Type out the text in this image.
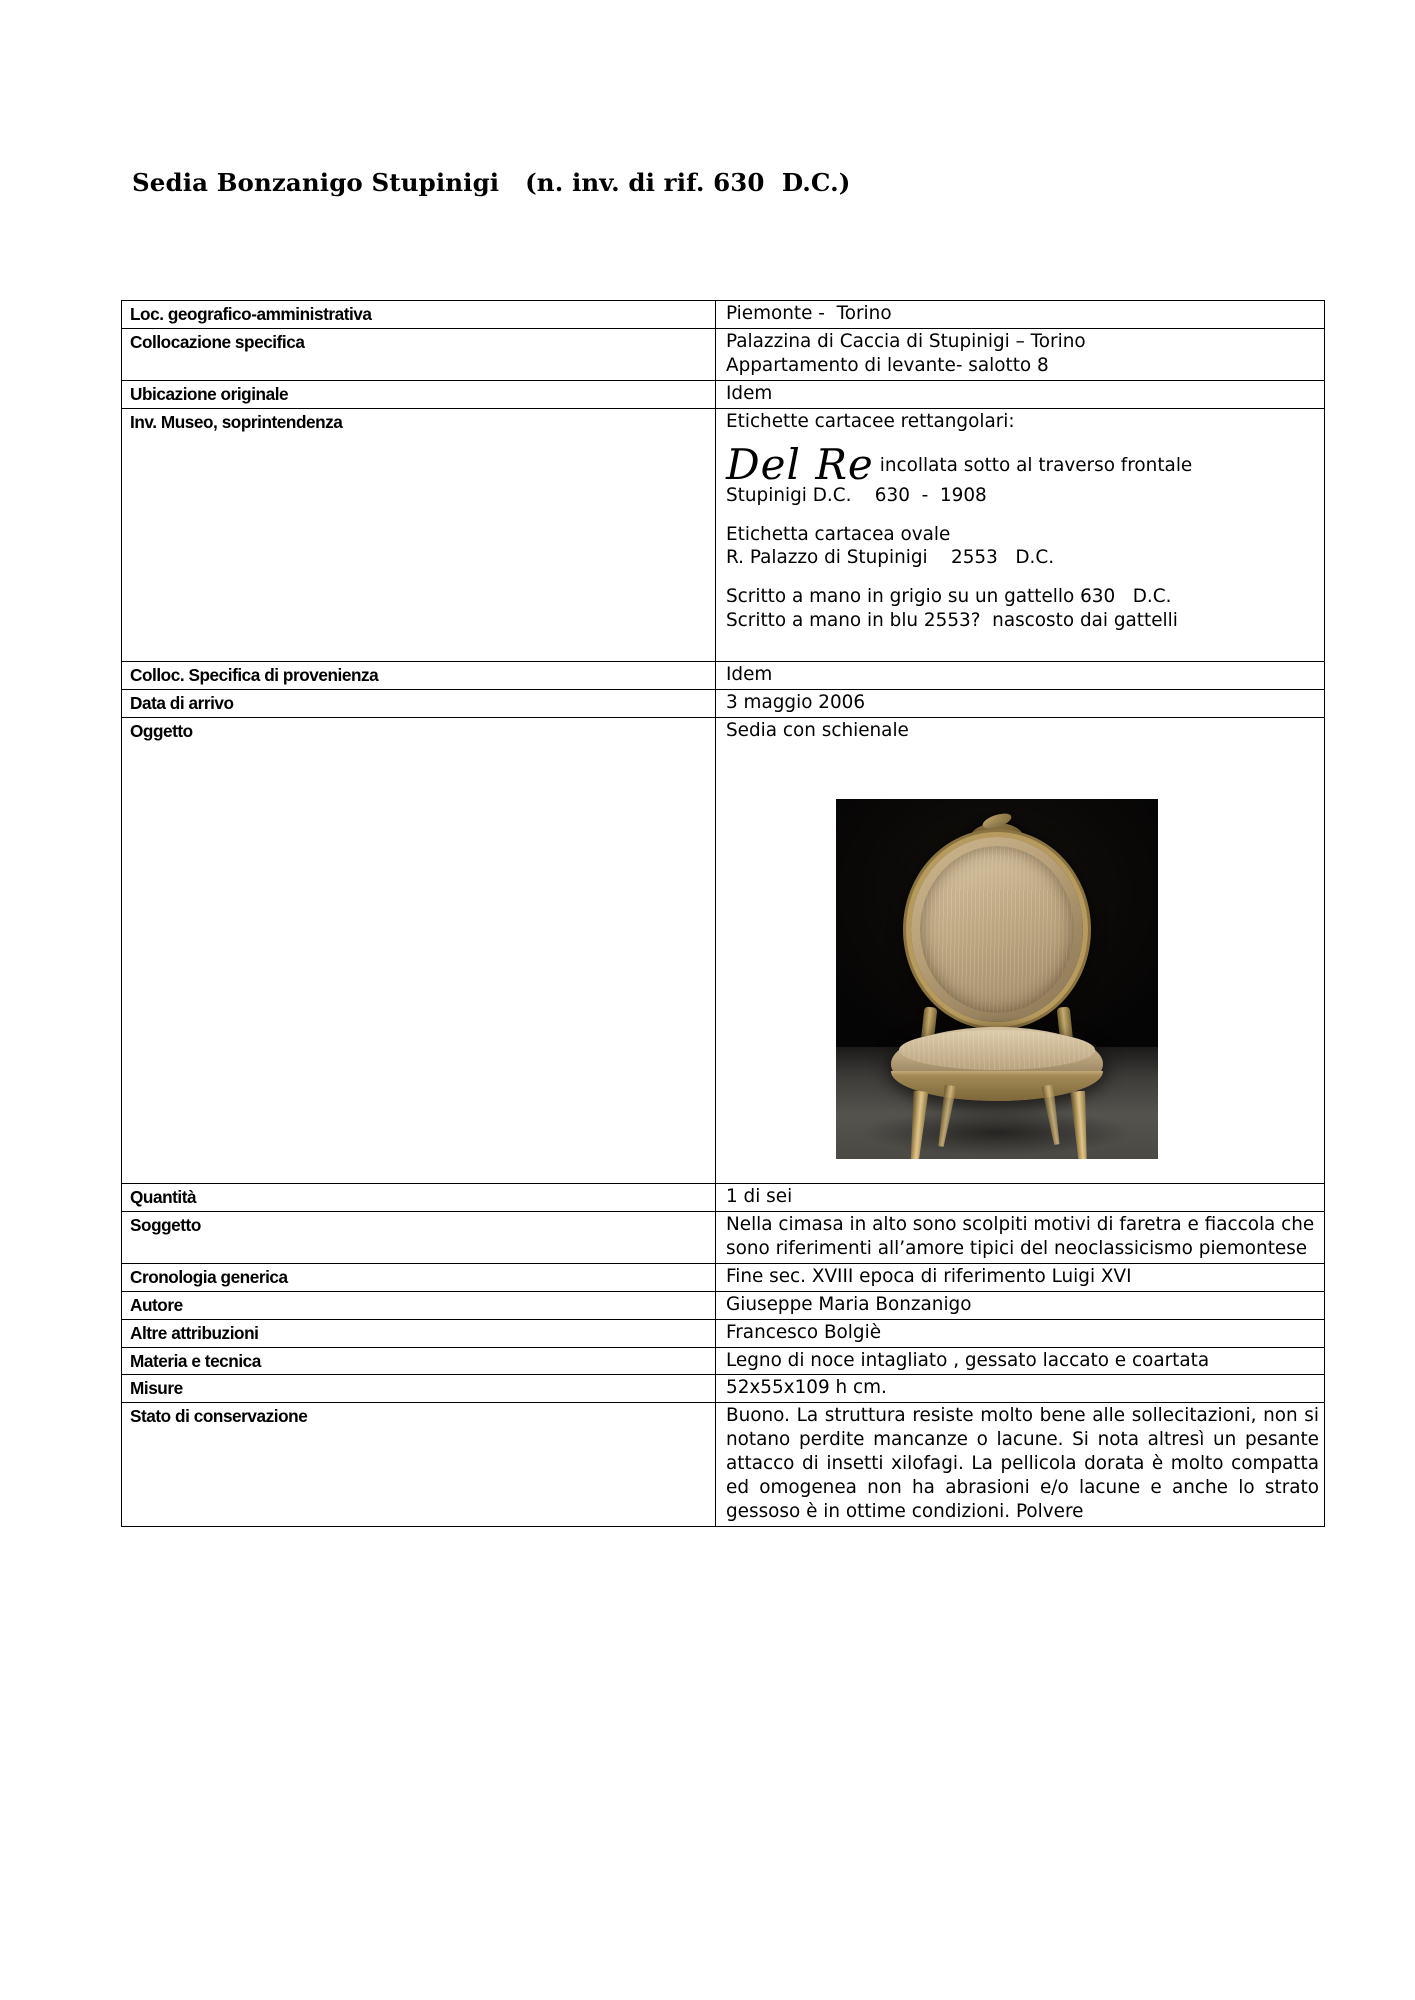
Sedia Bonzanigo Stupinigi   (n. inv. di rif. 630  D.C.)
Loc. geografico-amministrativa	Piemonte -  Torino

Collocazione specifica	Palazzina di Caccia di Stupinigi – Torino
Appartamento di levante- salotto 8

Ubicazione originale	Idem

Inv. Museo, soprintendenza	Etichette cartacee rettangolari:
Del Re incollata sotto al traverso frontale
Stupinigi D.C.    630  -  1908
Etichetta cartacea ovale
R. Palazzo di Stupinigi    2553   D.C.
Scritto a mano in grigio su un gattello 630   D.C.
Scritto a mano in blu 2553?  nascosto dai gattelli

Colloc. Specifica di provenienza	Idem

Data di arrivo	3 maggio 2006

Oggetto	Sedia con schienale

Quantità	1 di sei

Soggetto	Nella cimasa in alto sono scolpiti motivi di faretra e fiaccola che sono riferimenti all’amore tipici del neoclassicismo piemontese
Cronologia generica	Fine sec. XVIII epoca di riferimento Luigi XVI

Autore	Giuseppe Maria Bonzanigo

Altre attribuzioni	Francesco Bolgiè

Materia e tecnica	Legno di noce intagliato , gessato laccato e coartata
Misure	52x55x109 h cm.

Stato di conservazione	Buono. La struttura resiste molto bene alle sollecitazioni, non si notano perdite mancanze o lacune. Si nota altresì un pesante attacco di insetti xilofagi. La pellicola dorata è molto compatta ed omogenea non ha abrasioni e/o lacune e anche lo strato gessoso è in ottime condizioni. Polvere
